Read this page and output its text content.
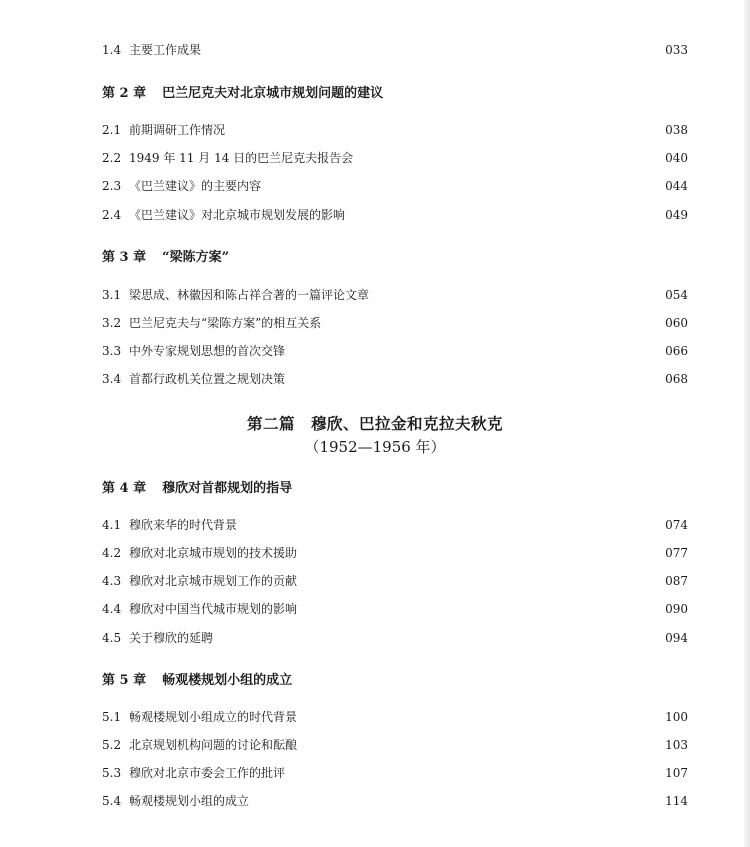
第二篇　穆欣、巴拉金和克拉夫秋克
（1952—1956 年）
1.4 主要工作成果	033
第 2 章 巴兰尼克夫对北京城市规划问题的建议
2.1 前期调研工作情况	038
2.2 1949 年 11 月 14 日的巴兰尼克夫报告会	040
2.3 《巴兰建议》的主要内容	044
2.4 《巴兰建议》对北京城市规划发展的影响	049
第 3 章 “梁陈方案”
3.1 梁思成、林徽因和陈占祥合著的一篇评论文章	054
3.2 巴兰尼克夫与“梁陈方案”的相互关系	060
3.3 中外专家规划思想的首次交锋	066
3.4 首都行政机关位置之规划决策	068
第 4 章 穆欣对首都规划的指导
4.1 穆欣来华的时代背景	074
4.2 穆欣对北京城市规划的技术援助	077
4.3 穆欣对北京城市规划工作的贡献	087
4.4 穆欣对中国当代城市规划的影响	090
4.5 关于穆欣的延聘	094
第 5 章 畅观楼规划小组的成立
5.1 畅观楼规划小组成立的时代背景	100
5.2 北京规划机构问题的讨论和酝酿	103
5.3 穆欣对北京市委会工作的批评	107
5.4 畅观楼规划小组的成立	114
